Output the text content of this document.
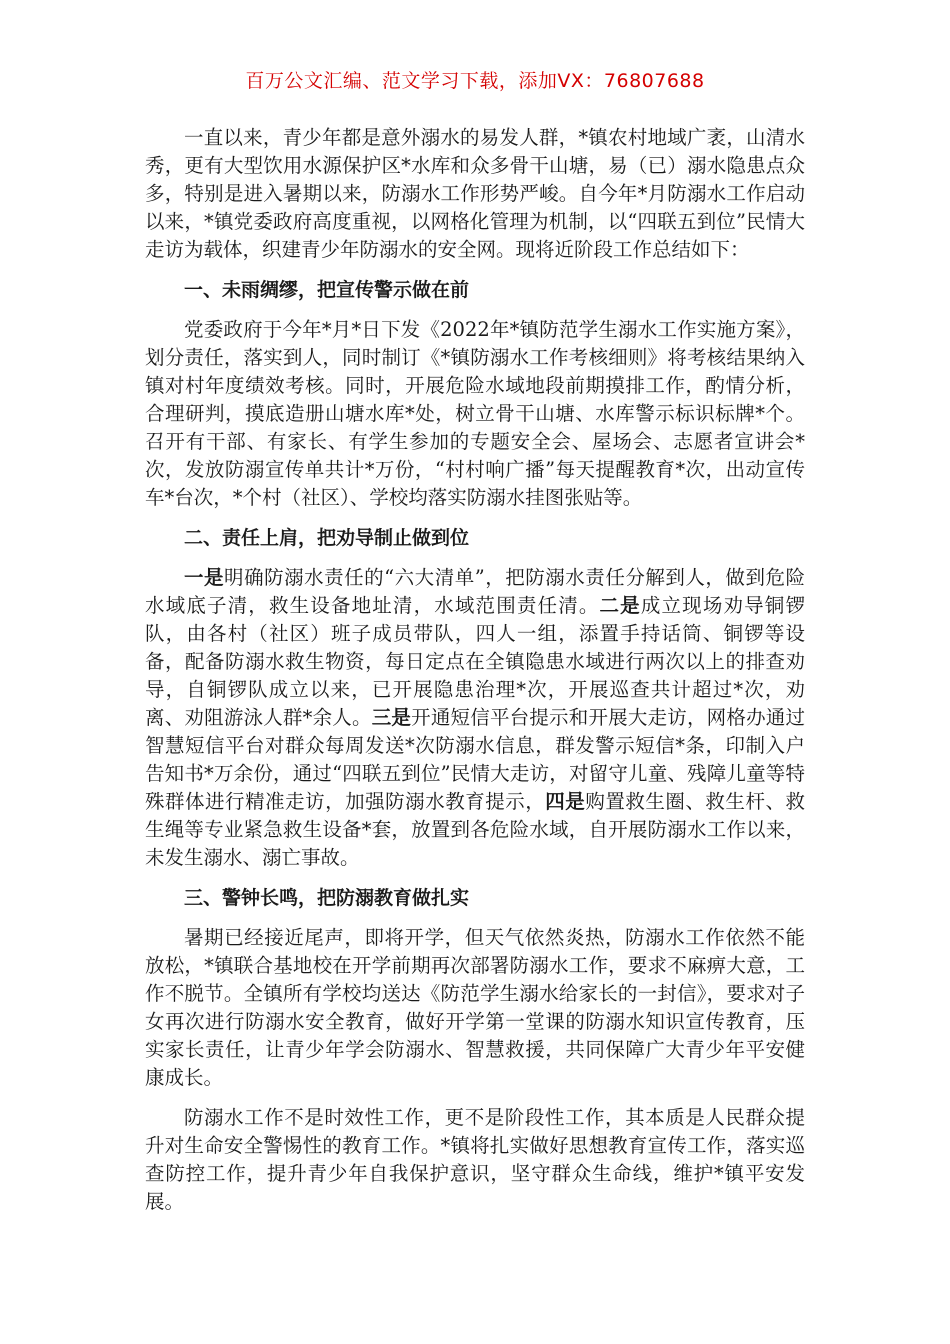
百万公文汇编、范文学习下载，添加VX：76807688

一直以来，青少年都是意外溺水的易发人群，*镇农村地域广袤，山清水秀，更有大型饮用水源保护区*水库和众多骨干山塘，易（已）溺水隐患点众多，特别是进入暑期以来，防溺水工作形势严峻。自今年*月防溺水工作启动以来，*镇党委政府高度重视，以网格化管理为机制，以“四联五到位”民情大走访为载体，织建青少年防溺水的安全网。现将近阶段工作总结如下：

一、未雨绸缪，把宣传警示做在前

党委政府于今年*月*日下发《2022年*镇防范学生溺水工作实施方案》，划分责任，落实到人，同时制订《*镇防溺水工作考核细则》将考核结果纳入镇对村年度绩效考核。同时，开展危险水域地段前期摸排工作，酌情分析，合理研判，摸底造册山塘水库*处，树立骨干山塘、水库警示标识标牌*个。召开有干部、有家长、有学生参加的专题安全会、屋场会、志愿者宣讲会*次，发放防溺宣传单共计*万份，“村村响广播”每天提醒教育*次，出动宣传车*台次，*个村（社区）、学校均落实防溺水挂图张贴等。

二、责任上肩，把劝导制止做到位

一是明确防溺水责任的“六大清单”，把防溺水责任分解到人，做到危险水域底子清，救生设备地址清，水域范围责任清。二是成立现场劝导铜锣队，由各村（社区）班子成员带队，四人一组，添置手持话筒、铜锣等设备，配备防溺水救生物资，每日定点在全镇隐患水域进行两次以上的排查劝导，自铜锣队成立以来，已开展隐患治理*次，开展巡查共计超过*次，劝离、劝阻游泳人群*余人。三是开通短信平台提示和开展大走访，网格办通过智慧短信平台对群众每周发送*次防溺水信息，群发警示短信*条，印制入户告知书*万余份，通过“四联五到位”民情大走访，对留守儿童、残障儿童等特殊群体进行精准走访，加强防溺水教育提示，四是购置救生圈、救生杆、救生绳等专业紧急救生设备*套，放置到各危险水域，自开展防溺水工作以来，未发生溺水、溺亡事故。

三、警钟长鸣，把防溺教育做扎实

暑期已经接近尾声，即将开学，但天气依然炎热，防溺水工作依然不能放松，*镇联合基地校在开学前期再次部署防溺水工作，要求不麻痹大意，工作不脱节。全镇所有学校均送达《防范学生溺水给家长的一封信》，要求对子女再次进行防溺水安全教育，做好开学第一堂课的防溺水知识宣传教育，压实家长责任，让青少年学会防溺水、智慧救援，共同保障广大青少年平安健康成长。

防溺水工作不是时效性工作，更不是阶段性工作，其本质是人民群众提升对生命安全警惕性的教育工作。*镇将扎实做好思想教育宣传工作，落实巡查防控工作，提升青少年自我保护意识，坚守群众生命线，维护*镇平安发展。
